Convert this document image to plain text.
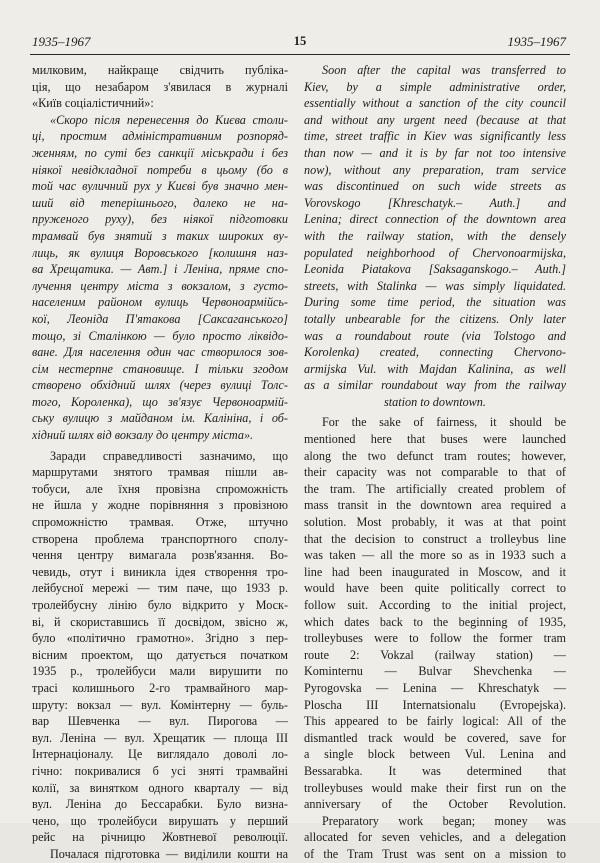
1935–1967	15	1935–1967
милковим, найкраще свідчить публіка-
ція, що незабаром з'явилася в журналі
«Київ соціалістичний»:
«Скоро після перенесення до Києва столи-
ці, простим адміністративним розпоряд-
женням, по суті без санкції міськради і без
ніякої невідкладної потреби в цьому (бо в
той час вуличний рух у Києві був значно мен-
ший від теперішнього, далеко не на-
пруженого руху), без ніякої підготовки
трамвай був знятий з таких широких ву-
лиць, як вулиця Воровського [колишня наз-
ва Хрещатика. — Авт.] і Леніна, пряме спо-
лучення центру міста з вокзалом, з густо-
населеним районом вулиць Червоноармійсь-
кої, Леоніда П'ятакова [Саксаганського]
тощо, зі Сталінкою — було просто ліквідо-
ване. Для населення один час створилося зов-
сім нестерпне становище. І тільки згодом
створено обхідний шлях (через вулиці Толс-
того, Короленка), що зв'язує Червоноармій-
ську вулицю з майданом ім. Калініна, і об-
хідний шлях від вокзалу до центру міста».
Заради справедливості зазначимо, що
маршрутами знятого трамвая пішли ав-
тобуси, але їхня провізна спроможність
не йшла у жодне порівняння з провізною
спроможністю трамвая. Отже, штучно
створена проблема транспортного сполу-
чення центру вимагала розв'язання. Во-
чевидь, отут і виникла ідея створення тро-
лейбусної мережі — тим паче, що 1933 р.
тролейбусну лінію було відкрито у Моск-
ві, й скориставшись її досвідом, звісно ж,
було «політично грамотно». Згідно з пер-
вісним проектом, що датується початком
1935 р., тролейбуси мали вирушити по
трасі колишнього 2-го трамвайного мар-
шруту: вокзал — вул. Комінтерну — буль-
вар Шевченка — вул. Пирогова —
вул. Леніна — вул. Хрещатик — площа III
Інтернаціоналу. Це виглядало доволі ло-
гічно: покривалися б усі зняті трамвайні
колії, за винятком одного кварталу — від
вул. Леніна до Бессарабки. Було визна-
чено, що тролейбуси вирушать у перший
рейс на річницю Жовтневої революції.
Почалася підготовка — виділили кошти на
Soon after the capital was transferred to
Kiev, by a simple administrative order,
essentially without a sanction of the city council
and without any urgent need (because at that
time, street traffic in Kiev was significantly less
than now — and it is by far not too intensive
now), without any preparation, tram service
was discontinued on such wide streets as
Vorovskogo [Khreschatyk.– Auth.] and
Lenina; direct connection of the downtown area
with the railway station, with the densely
populated neighborhood of Chervonoarmijska,
Leonida Piatakova [Saksaganskogo.– Auth.]
streets, with Stalinka — was simply liquidated.
During some time period, the situation was
totally unbearable for the citizens. Only later
was a roundabout route (via Tolstogo and
Korolenka) created, connecting Chervono-
armijska Vul. with Majdan Kalinina, as well
as a similar roundabout way from the railway
station to downtown.
For the sake of fairness, it should be
mentioned here that buses were launched
along the two defunct tram routes; however,
their capacity was not comparable to that of
the tram. The artificially created problem of
mass transit in the downtown area required a
solution. Most probably, it was at that point
that the decision to construct a trolleybus line
was taken — all the more so as in 1933 such a
line had been inaugurated in Moscow, and it
would have been quite politically correct to
follow suit. According to the initial project,
which dates back to the beginning of 1935,
trolleybuses were to follow the former tram
route 2: Vokzal (railway station) —
Kominternu — Bulvar Shevchenka —
Pyrogovska — Lenina — Khreschatyk —
Ploscha III Internatsionalu (Evropejska).
This appeared to be fairly logical: All of the
dismantled track would be covered, save for
a single block between Vul. Lenina and
Bessarabka. It was determined that
trolleybuses would make their first run on the
anniversary of the October Revolution.
Preparatory work began; money was
allocated for seven vehicles, and a delegation
of the Tram Trust was sent on a mission to
